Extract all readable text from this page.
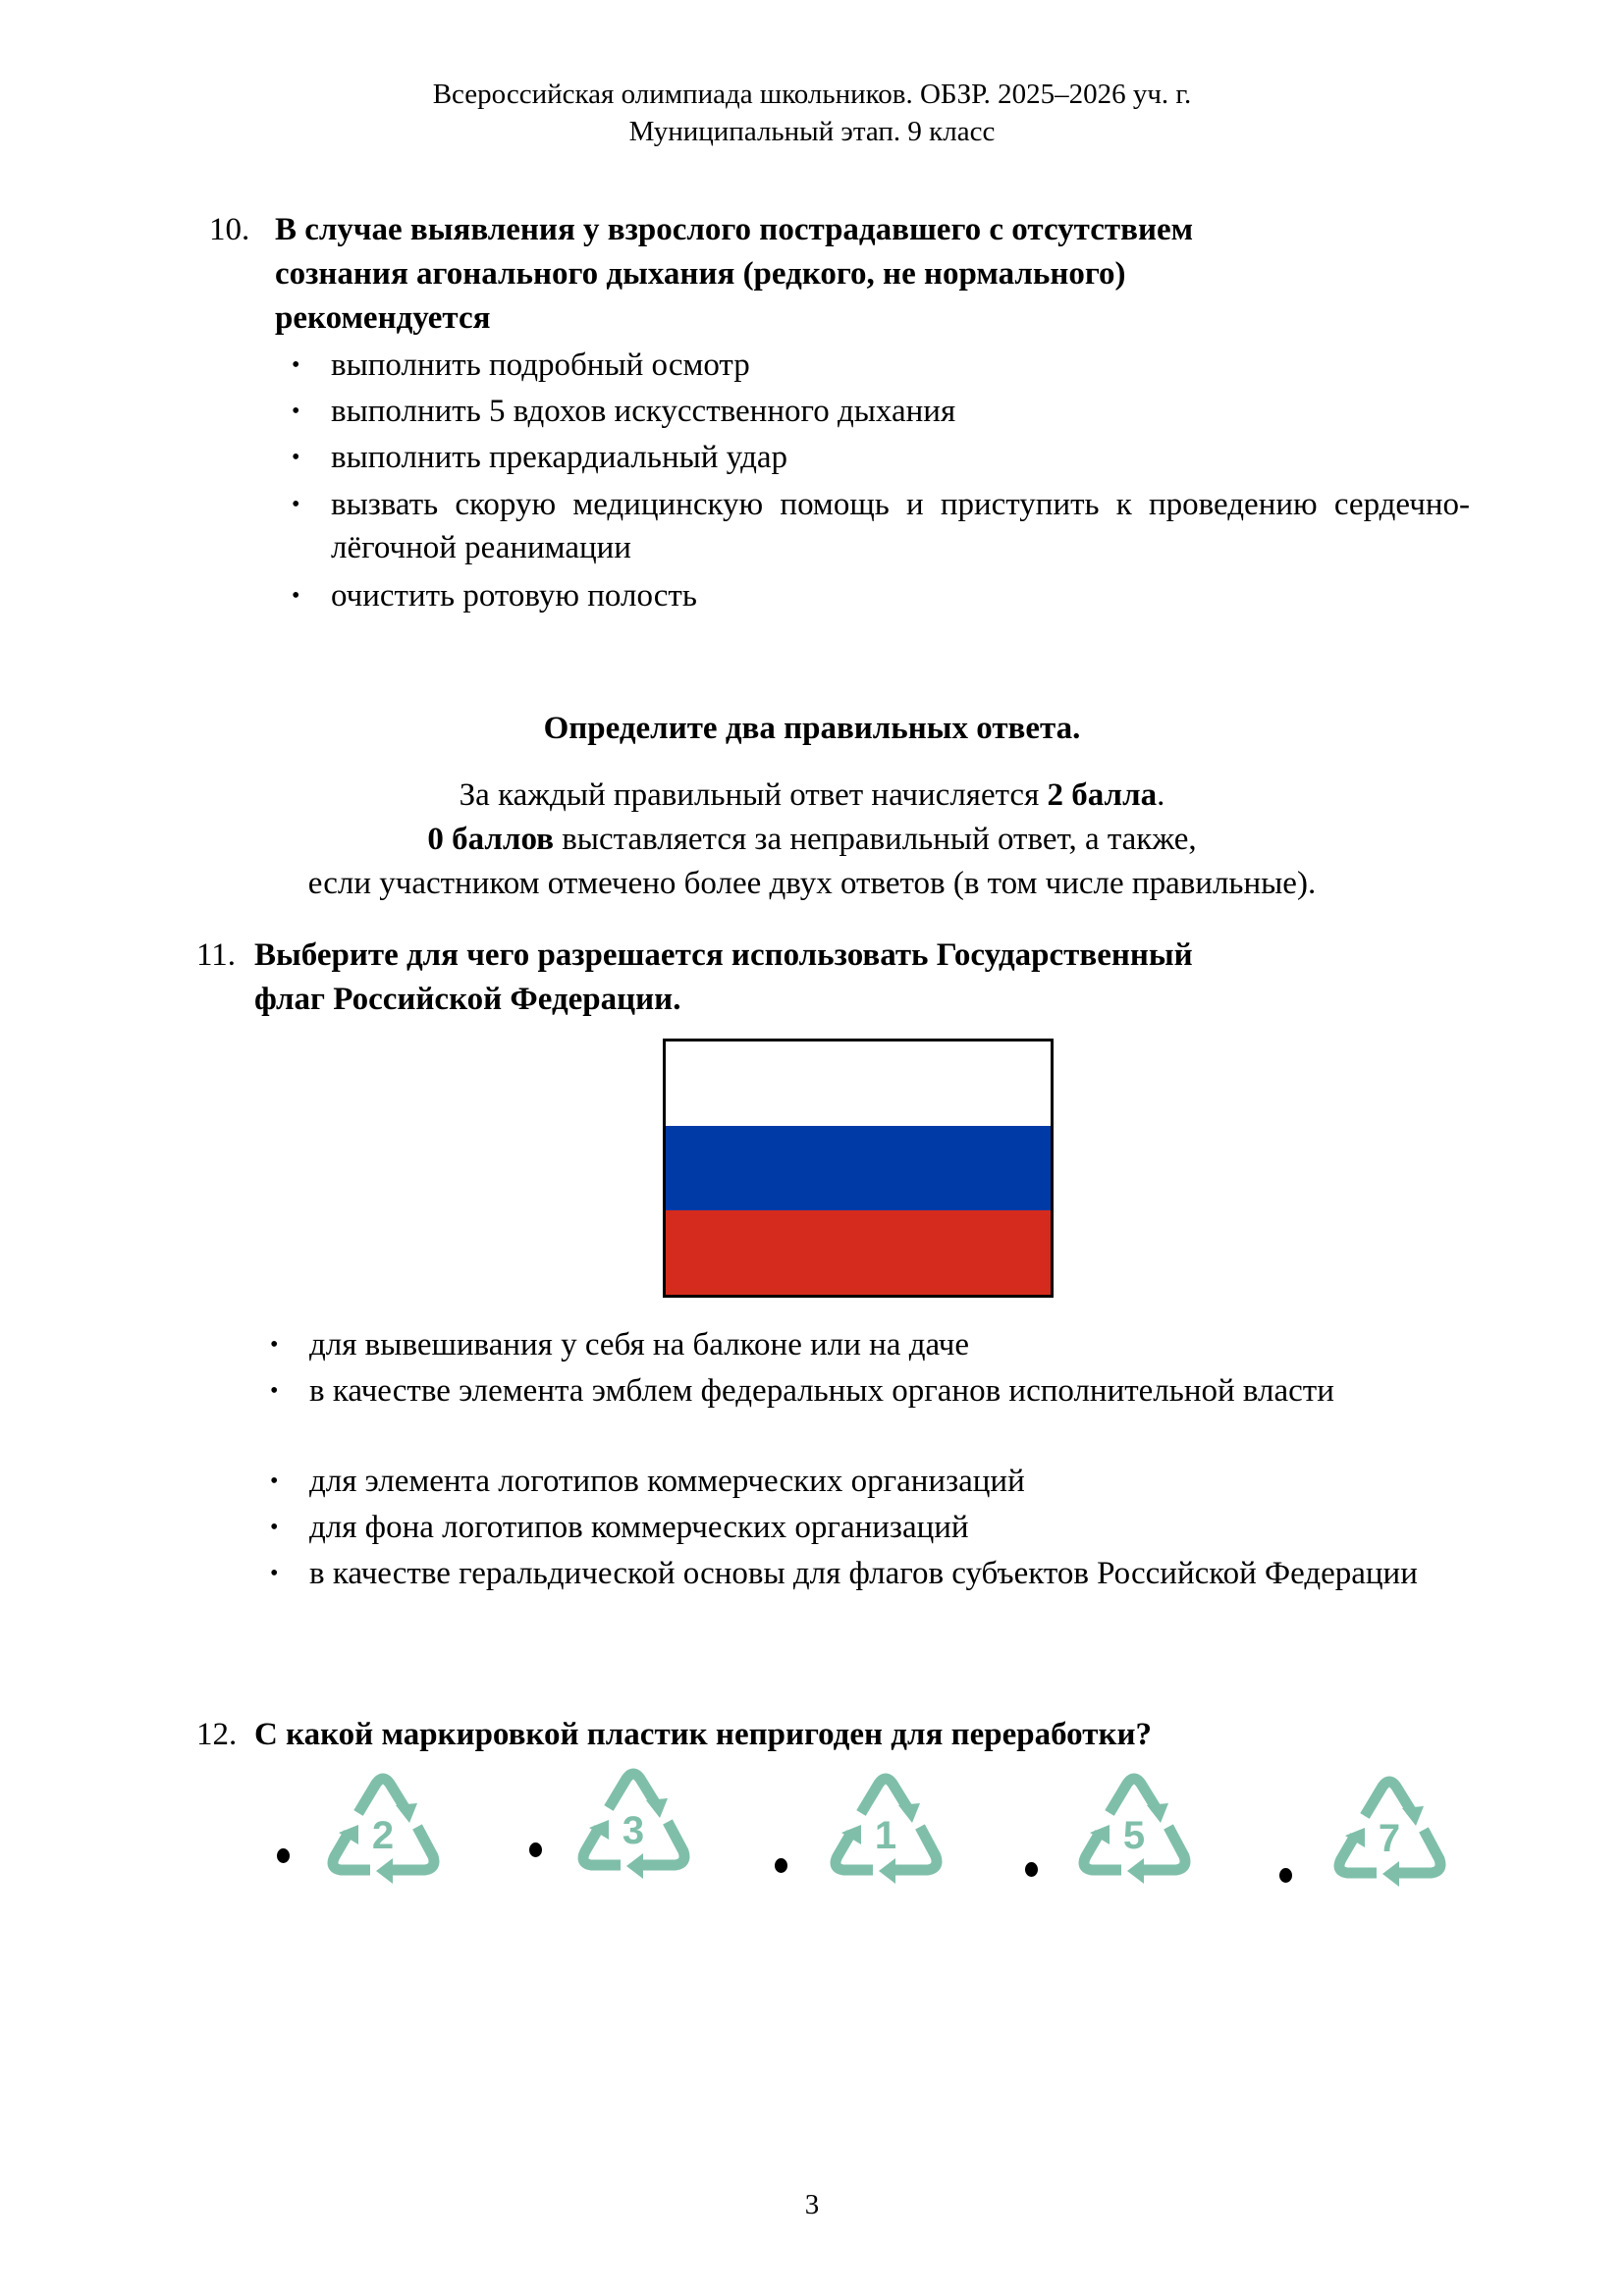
Всероссийская олимпиада школьников. ОБЗР. 2025–2026 уч. г.
Муниципальный этап. 9 класс
10. В случае выявления у взрослого пострадавшего с отсутствием
сознания агонального дыхания (редкого, не нормального)
рекомендуется
• выполнить подробный осмотр
• выполнить 5 вдохов искусственного дыхания
• выполнить прекардиальный удар
• вызвать скорую медицинскую помощь и приступить к проведению сердечно-лёгочной реанимации
• очистить ротовую полость
Определите два правильных ответа.
За каждый правильный ответ начисляется 2 балла.
0 баллов выставляется за неправильный ответ, а также,
если участником отмечено более двух ответов (в том числе правильные).
11. Выберите для чего разрешается использовать Государственный
флаг Российской Федерации.
• для вывешивания у себя на балконе или на даче
• в качестве элемента эмблем федеральных органов исполнительной власти
• для элемента логотипов коммерческих организаций
• для фона логотипов коммерческих организаций
• в качестве геральдической основы для флагов субъектов Российской Федерации
12. С какой маркировкой пластик непригоден для переработки?
2	3	1	5	7
3
